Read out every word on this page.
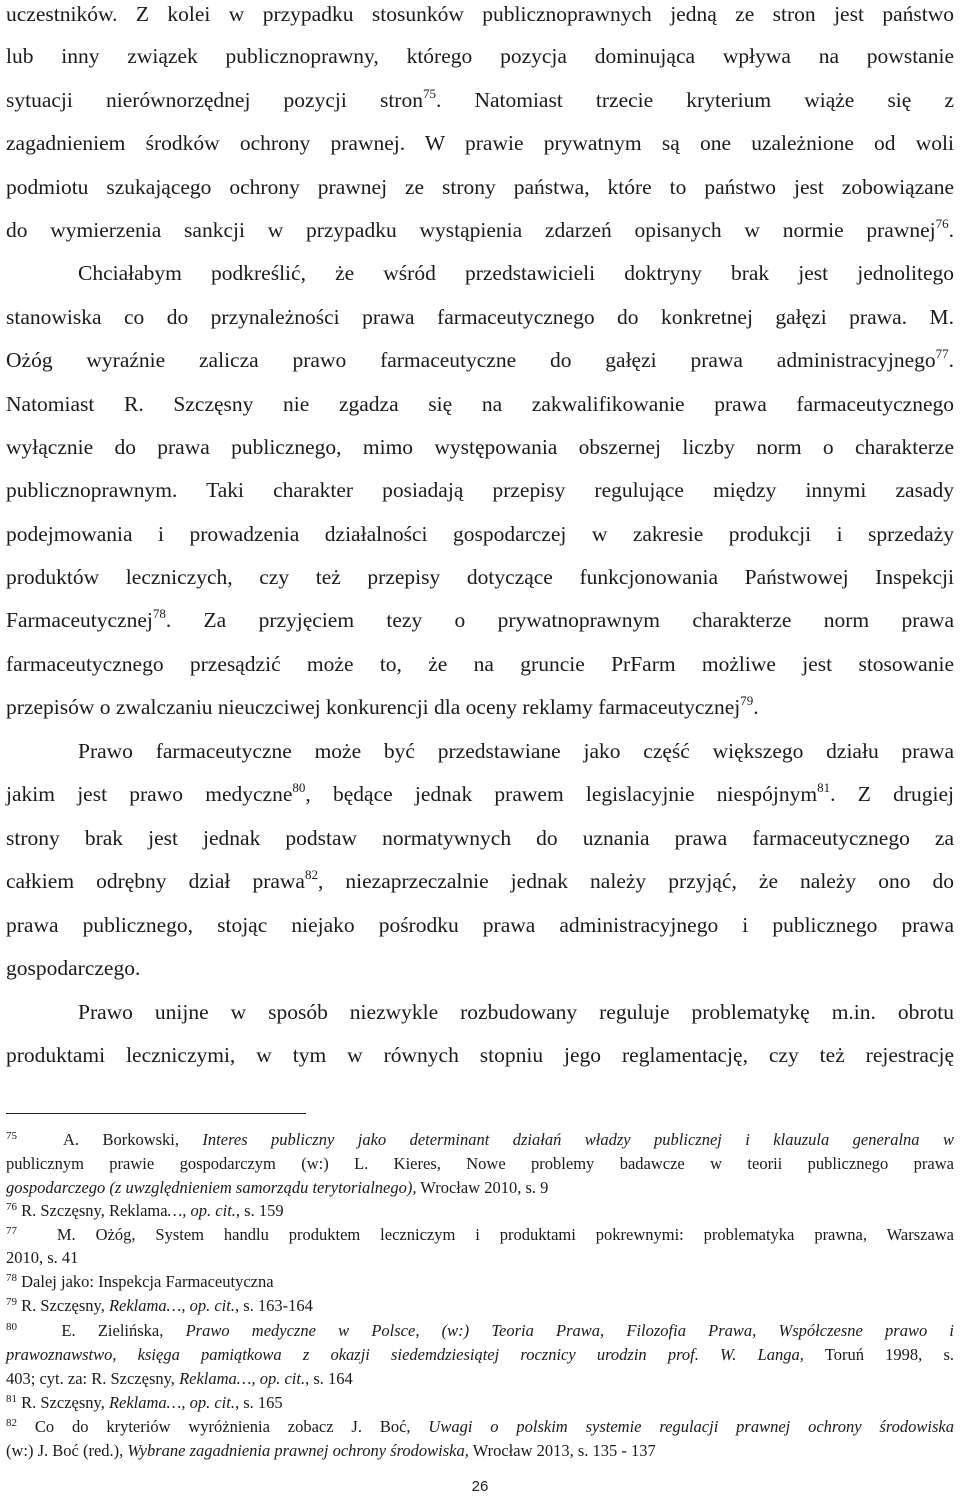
uczestników. Z kolei w przypadku stosunków publicznoprawnych jedną ze stron jest państwo
lub inny związek publicznoprawny, którego pozycja dominująca wpływa na powstanie
sytuacji nierównorzędnej pozycji stron$^{75}$. Natomiast trzecie kryterium wiąże się z
zagadnieniem środków ochrony prawnej. W prawie prywatnym są one uzależnione od woli
podmiotu szukającego ochrony prawnej ze strony państwa, które to państwo jest zobowiązane
do wymierzenia sankcji w przypadku wystąpienia zdarzeń opisanych w normie prawnej$^{76}$.
Chciałabym podkreślić, że wśród przedstawicieli doktryny brak jest jednolitego
stanowiska co do przynależności prawa farmaceutycznego do konkretnej gałęzi prawa. M.
Ożóg wyraźnie zalicza prawo farmaceutyczne do gałęzi prawa administracyjnego$^{77}$.
Natomiast R. Szczęsny nie zgadza się na zakwalifikowanie prawa farmaceutycznego
wyłącznie do prawa publicznego, mimo występowania obszernej liczby norm o charakterze
publicznoprawnym. Taki charakter posiadają przepisy regulujące między innymi zasady
podejmowania i prowadzenia działalności gospodarczej w zakresie produkcji i sprzedaży
produktów leczniczych, czy też przepisy dotyczące funkcjonowania Państwowej Inspekcji
Farmaceutycznej$^{78}$. Za przyjęciem tezy o prywatnoprawnym charakterze norm prawa
farmaceutycznego przesądzić może to, że na gruncie PrFarm możliwe jest stosowanie
przepisów o zwalczaniu nieuczciwej konkurencji dla oceny reklamy farmaceutycznej$^{79}$.
Prawo farmaceutyczne może być przedstawiane jako część większego działu prawa
jakim jest prawo medyczne$^{80}$, będące jednak prawem legislacyjnie niespójnym$^{81}$. Z drugiej
strony brak jest jednak podstaw normatywnych do uznania prawa farmaceutycznego za
całkiem odrębny dział prawa$^{82}$, niezaprzeczalnie jednak należy przyjąć, że należy ono do
prawa publicznego, stojąc niejako pośrodku prawa administracyjnego i publicznego prawa
gospodarczego.
Prawo unijne w sposób niezwykle rozbudowany reguluje problematykę m.in. obrotu
produktami leczniczymi, w tym w równych stopniu jego reglamentację, czy też rejestrację
$^{75}$	A. Borkowski, Interes publiczny jako determinant działań władzy publicznej i klauzula generalna w
publicznym prawie gospodarczym (w:) L. Kieres, Nowe problemy badawcze w teorii publicznego prawa
gospodarczego (z uwzględnieniem samorządu terytorialnego), Wrocław 2010, s. 9
$^{76}$ R. Szczęsny, Reklama…, op. cit., s. 159
$^{77}$ M. Ożóg, System handlu produktem leczniczym i produktami pokrewnymi: problematyka prawna, Warszawa
2010, s. 41
$^{78}$ Dalej jako: Inspekcja Farmaceutyczna
$^{79}$ R. Szczęsny, Reklama…, op. cit., s. 163-164
$^{80}$	E. Zielińska, Prawo medyczne w Polsce, (w:) Teoria Prawa, Filozofia Prawa, Współczesne prawo i
prawoznawstwo, księga pamiątkowa z okazji siedemdziesiątej rocznicy urodzin prof. W. Langa, Toruń 1998, s.
403; cyt. za: R. Szczęsny, Reklama…, op. cit., s. 164
$^{81}$ R. Szczęsny, Reklama…, op. cit., s. 165
$^{82}$ Co do kryteriów wyróżnienia zobacz J. Boć, Uwagi o polskim systemie regulacji prawnej ochrony środowiska
(w:) J. Boć (red.), Wybrane zagadnienia prawnej ochrony środowiska, Wrocław 2013, s. 135 - 137
26
